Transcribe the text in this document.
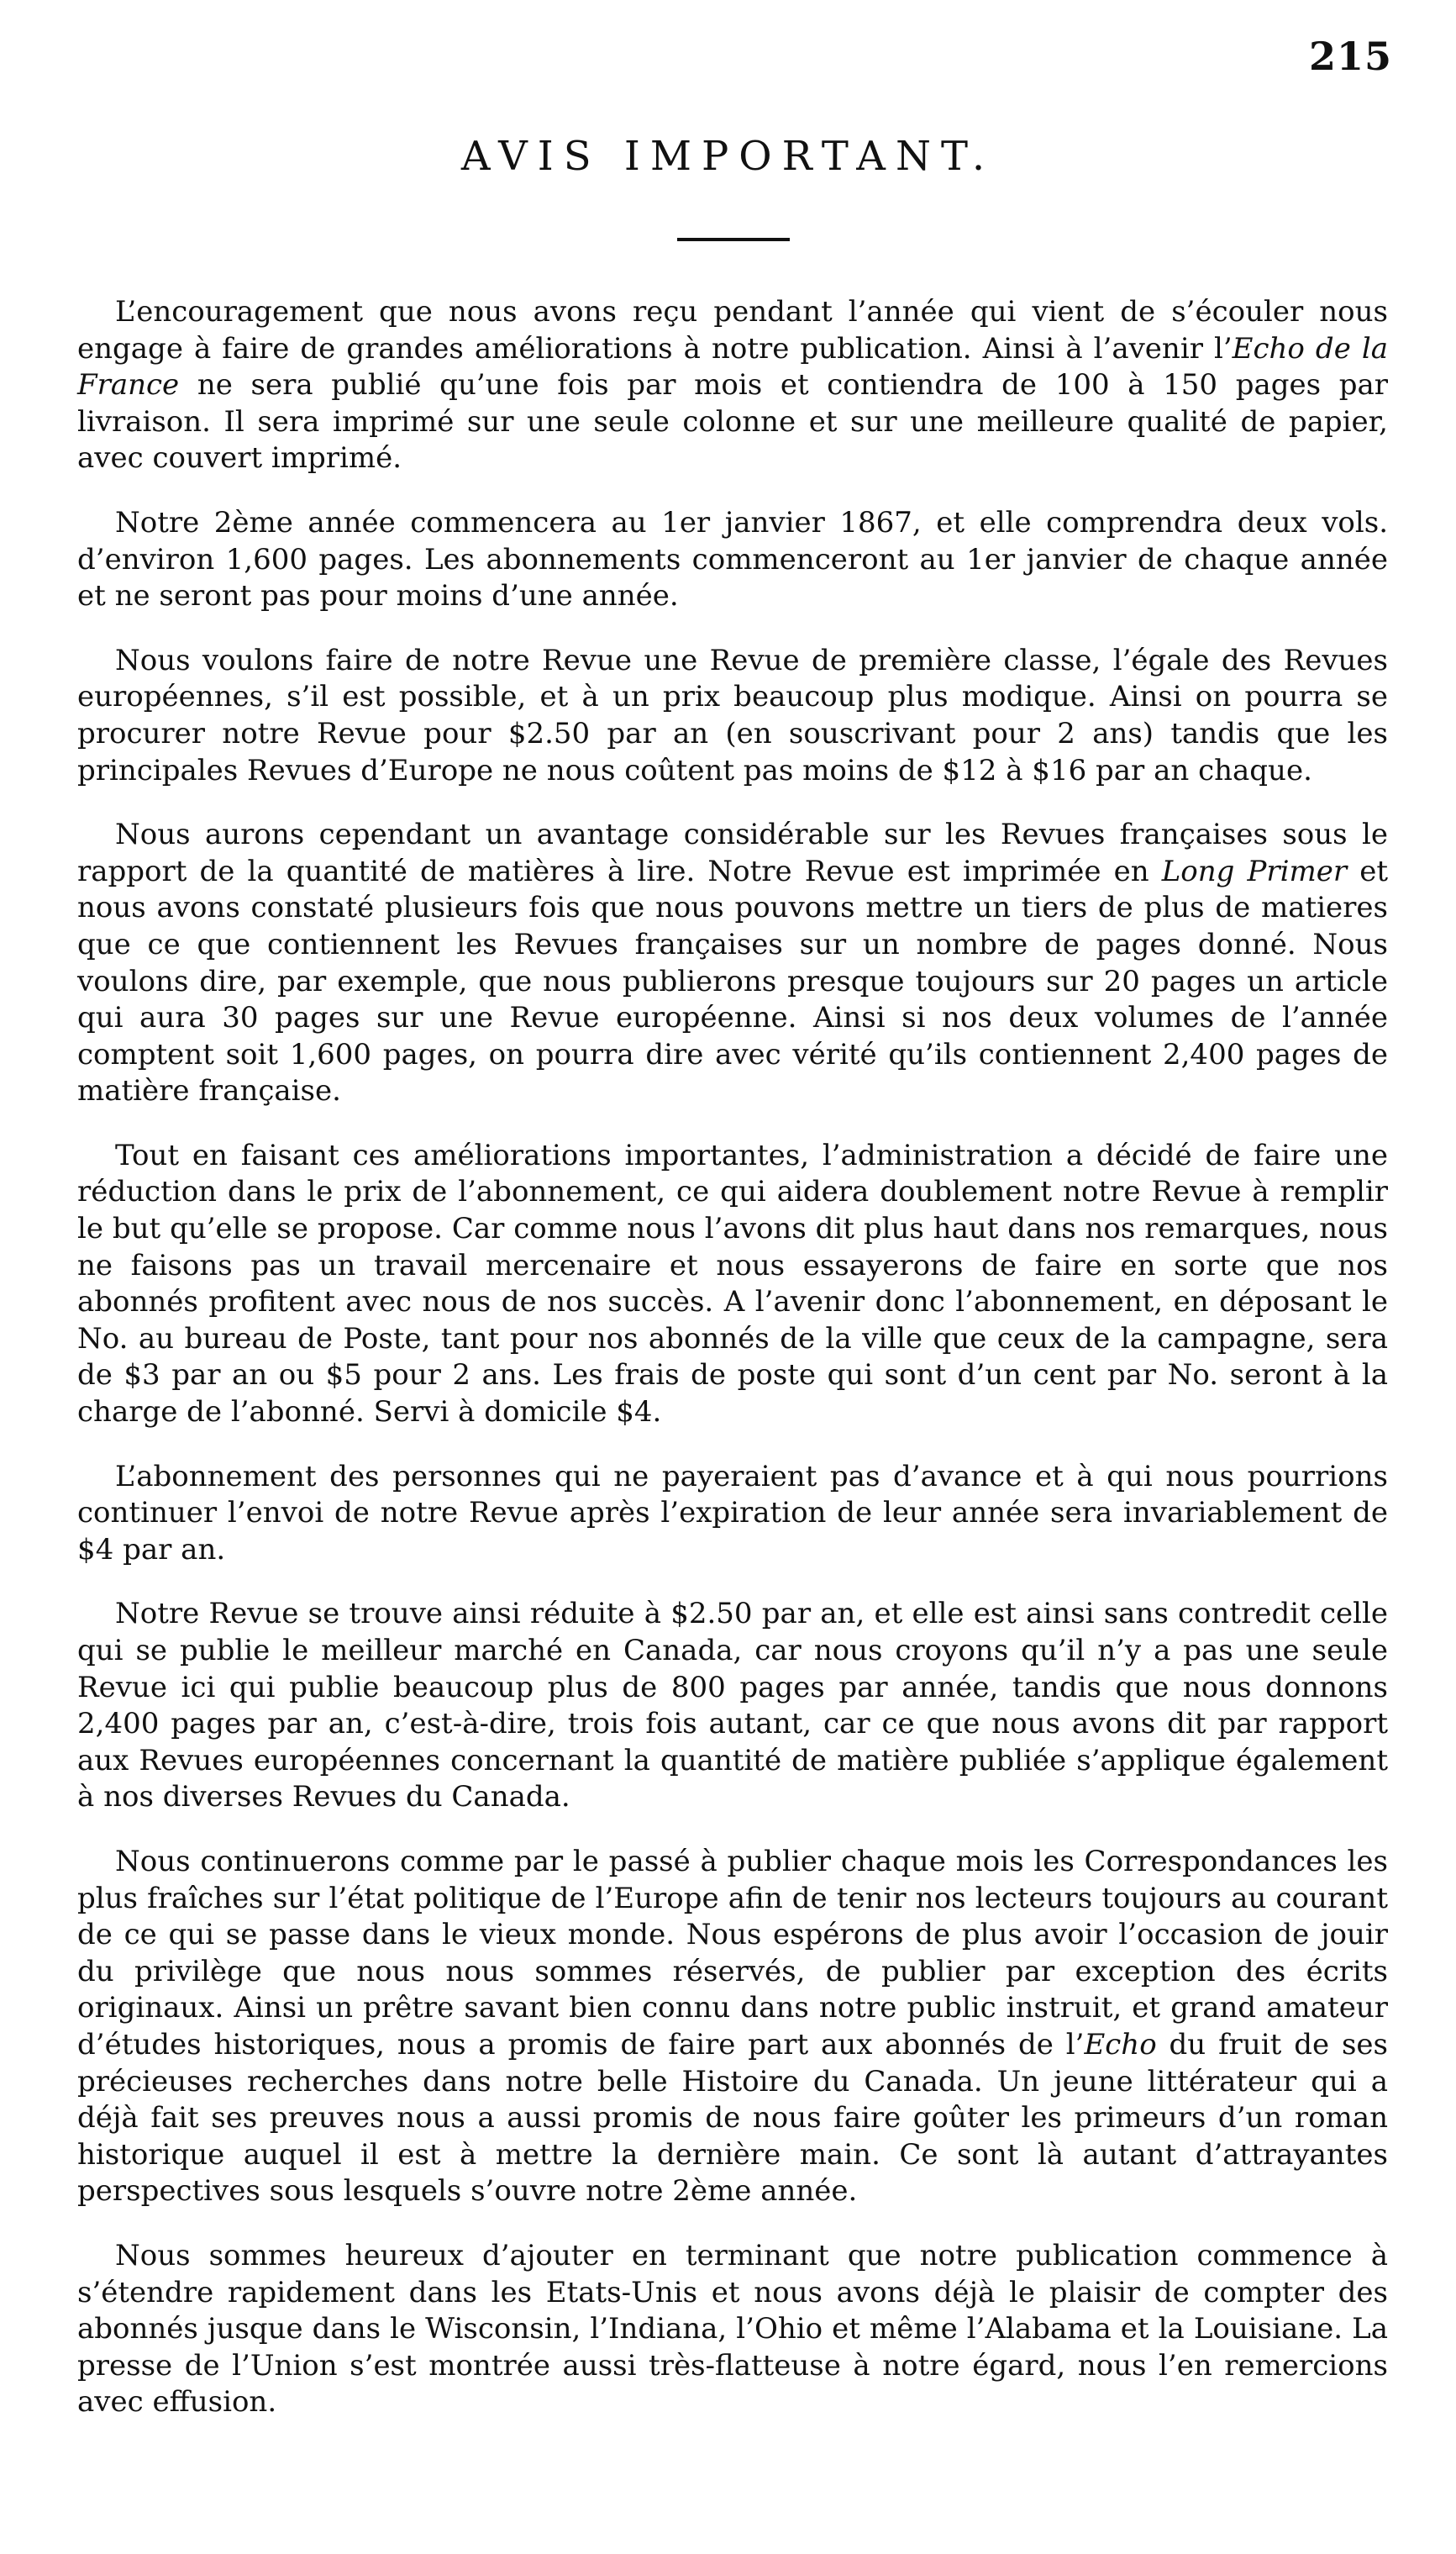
215
AVIS IMPORTANT.

L’encouragement que nous avons reçu pendant l’année qui vient de s’écouler nous engage à faire de grandes améliorations à notre publication. Ainsi à l’avenir l’Echo de la France ne sera publié qu’une fois par mois et contiendra de 100 à 150 pages par livraison. Il sera imprimé sur une seule colonne et sur une meilleure qualité de papier, avec couvert imprimé.

Notre 2ème année commencera au 1er janvier 1867, et elle comprendra deux vols. d’environ 1,600 pages. Les abonnements commenceront au 1er janvier de chaque année et ne seront pas pour moins d’une année.

Nous voulons faire de notre Revue une Revue de première classe, l’égale des Revues européennes, s’il est possible, et à un prix beaucoup plus modique. Ainsi on pourra se procurer notre Revue pour $2.50 par an (en souscrivant pour 2 ans) tandis que les principales Revues d’Europe ne nous coûtent pas moins de $12 à $16 par an chaque.

Nous aurons cependant un avantage considérable sur les Revues françaises sous le rapport de la quantité de matières à lire. Notre Revue est imprimée en Long Primer et nous avons constaté plusieurs fois que nous pouvons mettre un tiers de plus de matieres que ce que contiennent les Revues françaises sur un nombre de pages donné. Nous voulons dire, par exemple, que nous publierons presque toujours sur 20 pages un article qui aura 30 pages sur une Revue européenne. Ainsi si nos deux volumes de l’année comptent soit 1,600 pages, on pourra dire avec vérité qu’ils contiennent 2,400 pages de matière française.

Tout en faisant ces améliorations importantes, l’administration a décidé de faire une réduction dans le prix de l’abonnement, ce qui aidera doublement notre Revue à remplir le but qu’elle se propose. Car comme nous l’avons dit plus haut dans nos remarques, nous ne faisons pas un travail mercenaire et nous essayerons de faire en sorte que nos abonnés profitent avec nous de nos succès. A l’avenir donc l’abonnement, en déposant le No. au bureau de Poste, tant pour nos abonnés de la ville que ceux de la campagne, sera de $3 par an ou $5 pour 2 ans. Les frais de poste qui sont d’un cent par No. seront à la charge de l’abonné. Servi à domicile $4.

L’abonnement des personnes qui ne payeraient pas d’avance et à qui nous pourrions continuer l’envoi de notre Revue après l’expiration de leur année sera invariablement de $4 par an.

Notre Revue se trouve ainsi réduite à $2.50 par an, et elle est ainsi sans contredit celle qui se publie le meilleur marché en Canada, car nous croyons qu’il n’y a pas une seule Revue ici qui publie beaucoup plus de 800 pages par année, tandis que nous donnons 2,400 pages par an, c’est-à-dire, trois fois autant, car ce que nous avons dit par rapport aux Revues européennes concernant la quantité de matière publiée s’applique également à nos diverses Revues du Canada.

Nous continuerons comme par le passé à publier chaque mois les Correspondances les plus fraîches sur l’état politique de l’Europe afin de tenir nos lecteurs toujours au courant de ce qui se passe dans le vieux monde. Nous espérons de plus avoir l’occasion de jouir du privilège que nous nous sommes réservés, de publier par exception des écrits originaux. Ainsi un prêtre savant bien connu dans notre public instruit, et grand amateur d’études historiques, nous a promis de faire part aux abonnés de l’Echo du fruit de ses précieuses recherches dans notre belle Histoire du Canada. Un jeune littérateur qui a déjà fait ses preuves nous a aussi promis de nous faire goûter les primeurs d’un roman historique auquel il est à mettre la dernière main. Ce sont là autant d’attrayantes perspectives sous lesquels s’ouvre notre 2ème année.

Nous sommes heureux d’ajouter en terminant que notre publication commence à s’étendre rapidement dans les Etats-Unis et nous avons déjà le plaisir de compter des abonnés jusque dans le Wisconsin, l’Indiana, l’Ohio et même l’Alabama et la Louisiane. La presse de l’Union s’est montrée aussi très-flatteuse à notre égard, nous l’en remercions avec effusion.
